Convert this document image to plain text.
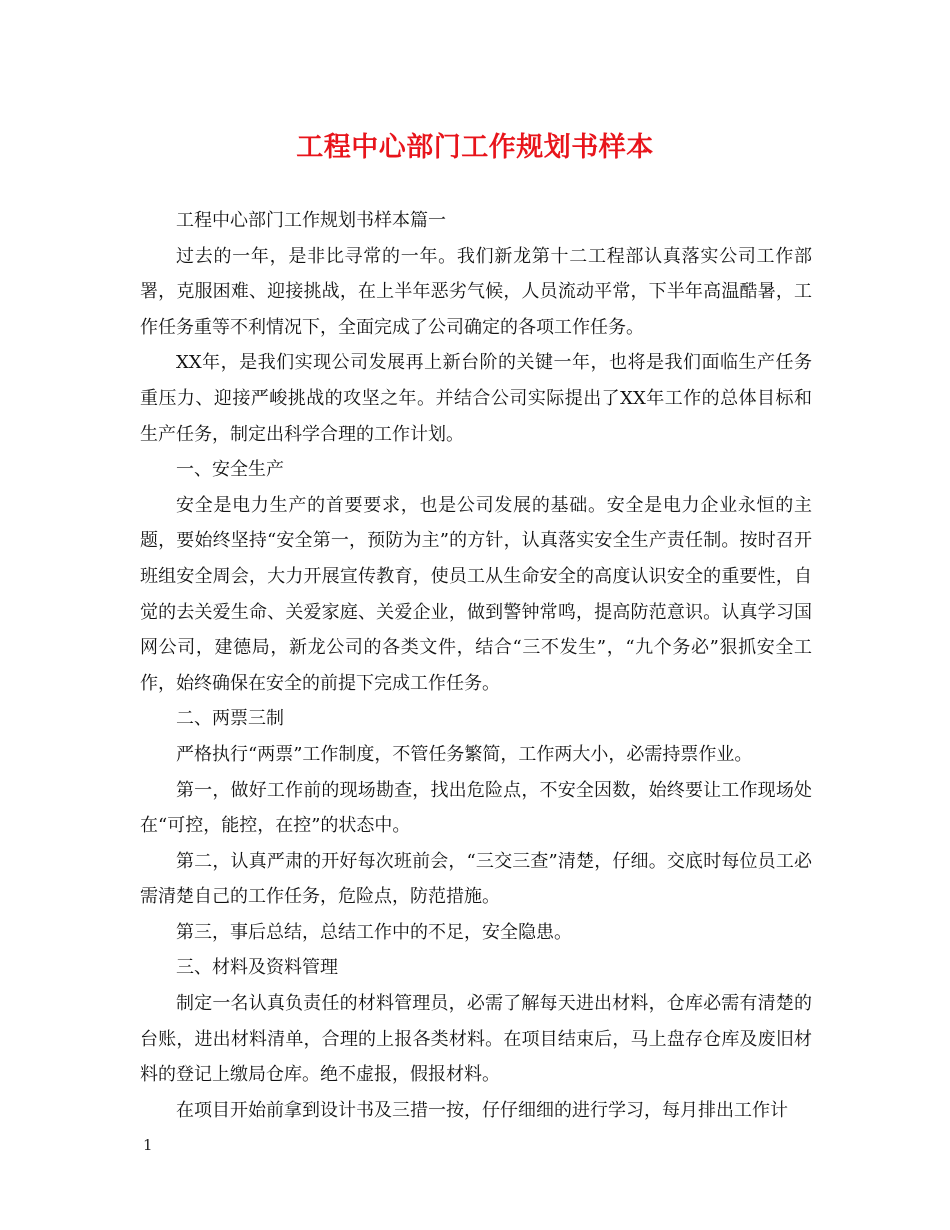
工程中心部门工作规划书样本

工程中心部门工作规划书样本篇一

过去的一年，是非比寻常的一年。我们新龙第十二工程部认真落实公司工作部署，克服困难、迎接挑战，在上半年恶劣气候，人员流动平常，下半年高温酷暑，工作任务重等不利情况下，全面完成了公司确定的各项工作任务。

XX年，是我们实现公司发展再上新台阶的关键一年，也将是我们面临生产任务重压力、迎接严峻挑战的攻坚之年。并结合公司实际提出了XX年工作的总体目标和生产任务，制定出科学合理的工作计划。

一、安全生产

安全是电力生产的首要要求，也是公司发展的基础。安全是电力企业永恒的主题，要始终坚持“安全第一，预防为主”的方针，认真落实安全生产责任制。按时召开班组安全周会，大力开展宣传教育，使员工从生命安全的高度认识安全的重要性，自觉的去关爱生命、关爱家庭、关爱企业，做到警钟常鸣，提高防范意识。认真学习国网公司，建德局，新龙公司的各类文件，结合“三不发生”，“九个务必”狠抓安全工作，始终确保在安全的前提下完成工作任务。

二、两票三制

严格执行“两票”工作制度，不管任务繁简，工作两大小，必需持票作业。

第一，做好工作前的现场勘查，找出危险点，不安全因数，始终要让工作现场处在“可控，能控，在控”的状态中。

第二，认真严肃的开好每次班前会，“三交三查”清楚，仔细。交底时每位员工必需清楚自己的工作任务，危险点，防范措施。

第三，事后总结，总结工作中的不足，安全隐患。

三、材料及资料管理

制定一名认真负责任的材料管理员，必需了解每天进出材料，仓库必需有清楚的台账，进出材料清单，合理的上报各类材料。在项目结束后，马上盘存仓库及废旧材料的登记上缴局仓库。绝不虚报，假报材料。

在项目开始前拿到设计书及三措一按，仔仔细细的进行学习，每月排出工作计

1
